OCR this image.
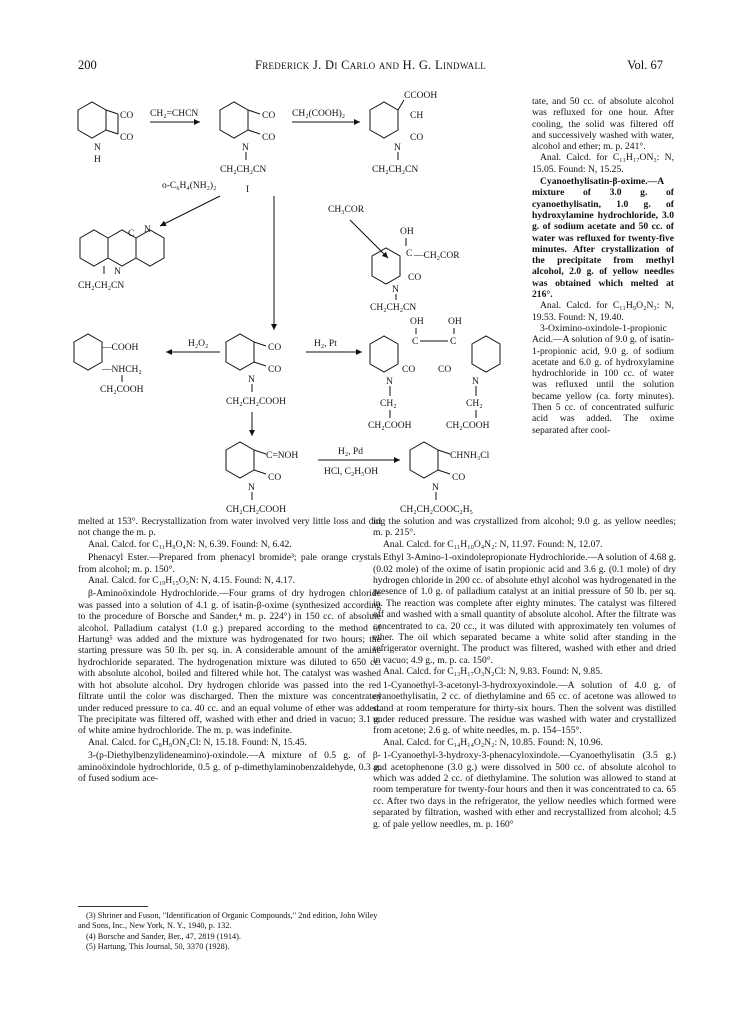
200	Frederick J. Di Carlo and H. G. Lindwall	Vol. 67
CO
CO
N
H
CH₂=CHCN	CO
CO
N
CH₂CH₂CN
I
CH₂(COOH)₂
CCOOH
CH
CO
N
CH₂CH₂CN
o-C₆H₄(NH₂)₂
C N
N
CH₂CH₂CN
CH₃COR
OH
C —CH₂COR
CO
N
CH₂CH₂CN
—COOH
—NHCH₂
CH₂COOH
H₂O₂	CO
CO
N
CH₂CH₂COOH
H₂, Pt
OH	OH
C	C
CO CO
N	N
CH₂	CH₂
CH₂COOH	CH₂COOH
C=NOH
CO
N
CH₂CH₂COOH
H₂, Pd
HCl, C₂H₅OH
CHNH₃Cl
CO
N
CH₂CH₂COOC₂H₅

tate, and 50 cc. of absolute alcohol was refluxed for one hour. After cooling, the solid was filtered off and successively washed with water, alcohol and ether; m. p. 241°.

Anal. Calcd. for C₁₁H₁₇ON₃: N, 15.05. Found: N, 15.25.

Cyanoethylisatin-β-oxime.—A mixture of 3.0 g. of cyanoethylisatin, 1.0 g. of hydroxylamine hydrochloride, 3.0 g. of sodium acetate and 50 cc. of water was refluxed for twenty-five minutes. After crystallization of the precipitate from methyl alcohol, 2.0 g. of yellow needles was obtained which melted at 216°.

Anal. Calcd. for C₁₁H₉O₂N₃: N, 19.53. Found: N, 19.40.

3-Oximino-oxindole-1-propionic Acid.—A solution of 9.0 g. of isatin-1-propionic acid, 9.0 g. of sodium acetate and 6.0 g. of hydroxylamine hydrochloride in 100 cc. of water was refluxed until the solution became yellow (ca. forty minutes). Then 5 cc. of concentrated sulfuric acid was added. The oxime separated after cool-

melted at 153°. Recrystallization from water involved very little loss and did not change the m. p.

Anal. Calcd. for C₁₁H₉O₄N: N, 6.39. Found: N, 6.42.

Phenacyl Ester.—Prepared from phenacyl bromide³; pale orange crystals from alcohol; m. p. 150°.

Anal. Calcd. for C₁₉H₁₅O₅N: N, 4.15. Found: N, 4.17.

β-Aminoöxindole Hydrochloride.—Four grams of dry hydrogen chloride was passed into a solution of 4.1 g. of isatin-β-oxime (synthesized according to the procedure of Borsche and Sander,⁴ m. p. 224°) in 150 cc. of absolute alcohol. Palladium catalyst (1.0 g.) prepared according to the method of Hartung⁵ was added and the mixture was hydrogenated for two hours; the starting pressure was 50 lb. per sq. in. A considerable amount of the amine hydrochloride separated. The hydrogenation mixture was diluted to 650 cc. with absolute alcohol, boiled and filtered while hot. The catalyst was washed with hot absolute alcohol. Dry hydrogen chloride was passed into the red filtrate until the color was discharged. Then the mixture was concentrated under reduced pressure to ca. 40 cc. and an equal volume of ether was added. The precipitate was filtered off, washed with ether and dried in vacuo; 3.1 g. of white amine hydrochloride. The m. p. was indefinite.

Anal. Calcd. for C₈H₉ON₂Cl: N, 15.18. Found: N, 15.45.

3-(p-Diethylbenzylideneamino)-oxindole.—A mixture of 0.5 g. of β-aminoöxindole hydrochloride, 0.5 g. of p-dimethylaminobenzaldehyde, 0.3 g. of fused sodium ace-

ing the solution and was crystallized from alcohol; 9.0 g. as yellow needles; m. p. 215°.

Anal. Calcd. for C₁₁H₁₀O₄N₂: N, 11.97. Found: N, 12.07.

Ethyl 3-Amino-1-oxindolepropionate Hydrochloride.—A solution of 4.68 g. (0.02 mole) of the oxime of isatin propionic acid and 3.6 g. (0.1 mole) of dry hydrogen chloride in 200 cc. of absolute ethyl alcohol was hydrogenated in the presence of 1.0 g. of palladium catalyst at an initial pressure of 50 lb. per sq. in. The reaction was complete after eighty minutes. The catalyst was filtered off and washed with a small quantity of absolute alcohol. After the filtrate was concentrated to ca. 20 cc., it was diluted with approximately ten volumes of ether. The oil which separated became a white solid after standing in the refrigerator overnight. The product was filtered, washed with ether and dried in vacuo; 4.9 g., m. p. ca. 150°.

Anal. Calcd. for C₁₃H₁₇O₃N₂Cl: N, 9.83. Found: N, 9.85.

1-Cyanoethyl-3-acetonyl-3-hydroxyoxindole.—A solution of 4.0 g. of cyanoethylisatin, 2 cc. of diethylamine and 65 cc. of acetone was allowed to stand at room temperature for thirty-six hours. Then the solvent was distilled under reduced pressure. The residue was washed with water and crystallized from acetone; 2.6 g. of white needles, m. p. 154–155°.

Anal. Calcd. for C₁₄H₁₄O₂N₂: N, 10.85. Found: N, 10.96.

1-Cyanoethyl-3-hydroxy-3-phenacyloxindole.—Cyanoethylisatin (3.5 g.) and acetophenone (3.0 g.) were dissolved in 500 cc. of absolute alcohol to which was added 2 cc. of diethylamine. The solution was allowed to stand at room temperature for twenty-four hours and then it was concentrated to ca. 65 cc. After two days in the refrigerator, the yellow needles which formed were separated by filtration, washed with ether and recrystallized from alcohol; 4.5 g. of pale yellow needles, m. p. 160°

(3) Shriner and Fuson, "Identification of Organic Compounds," 2nd edition, John Wiley and Sons, Inc., New York, N. Y., 1940, p. 132.

(4) Borsche and Sander, Ber., 47, 2819 (1914).

(5) Hartung, This Journal, 50, 3370 (1928).
